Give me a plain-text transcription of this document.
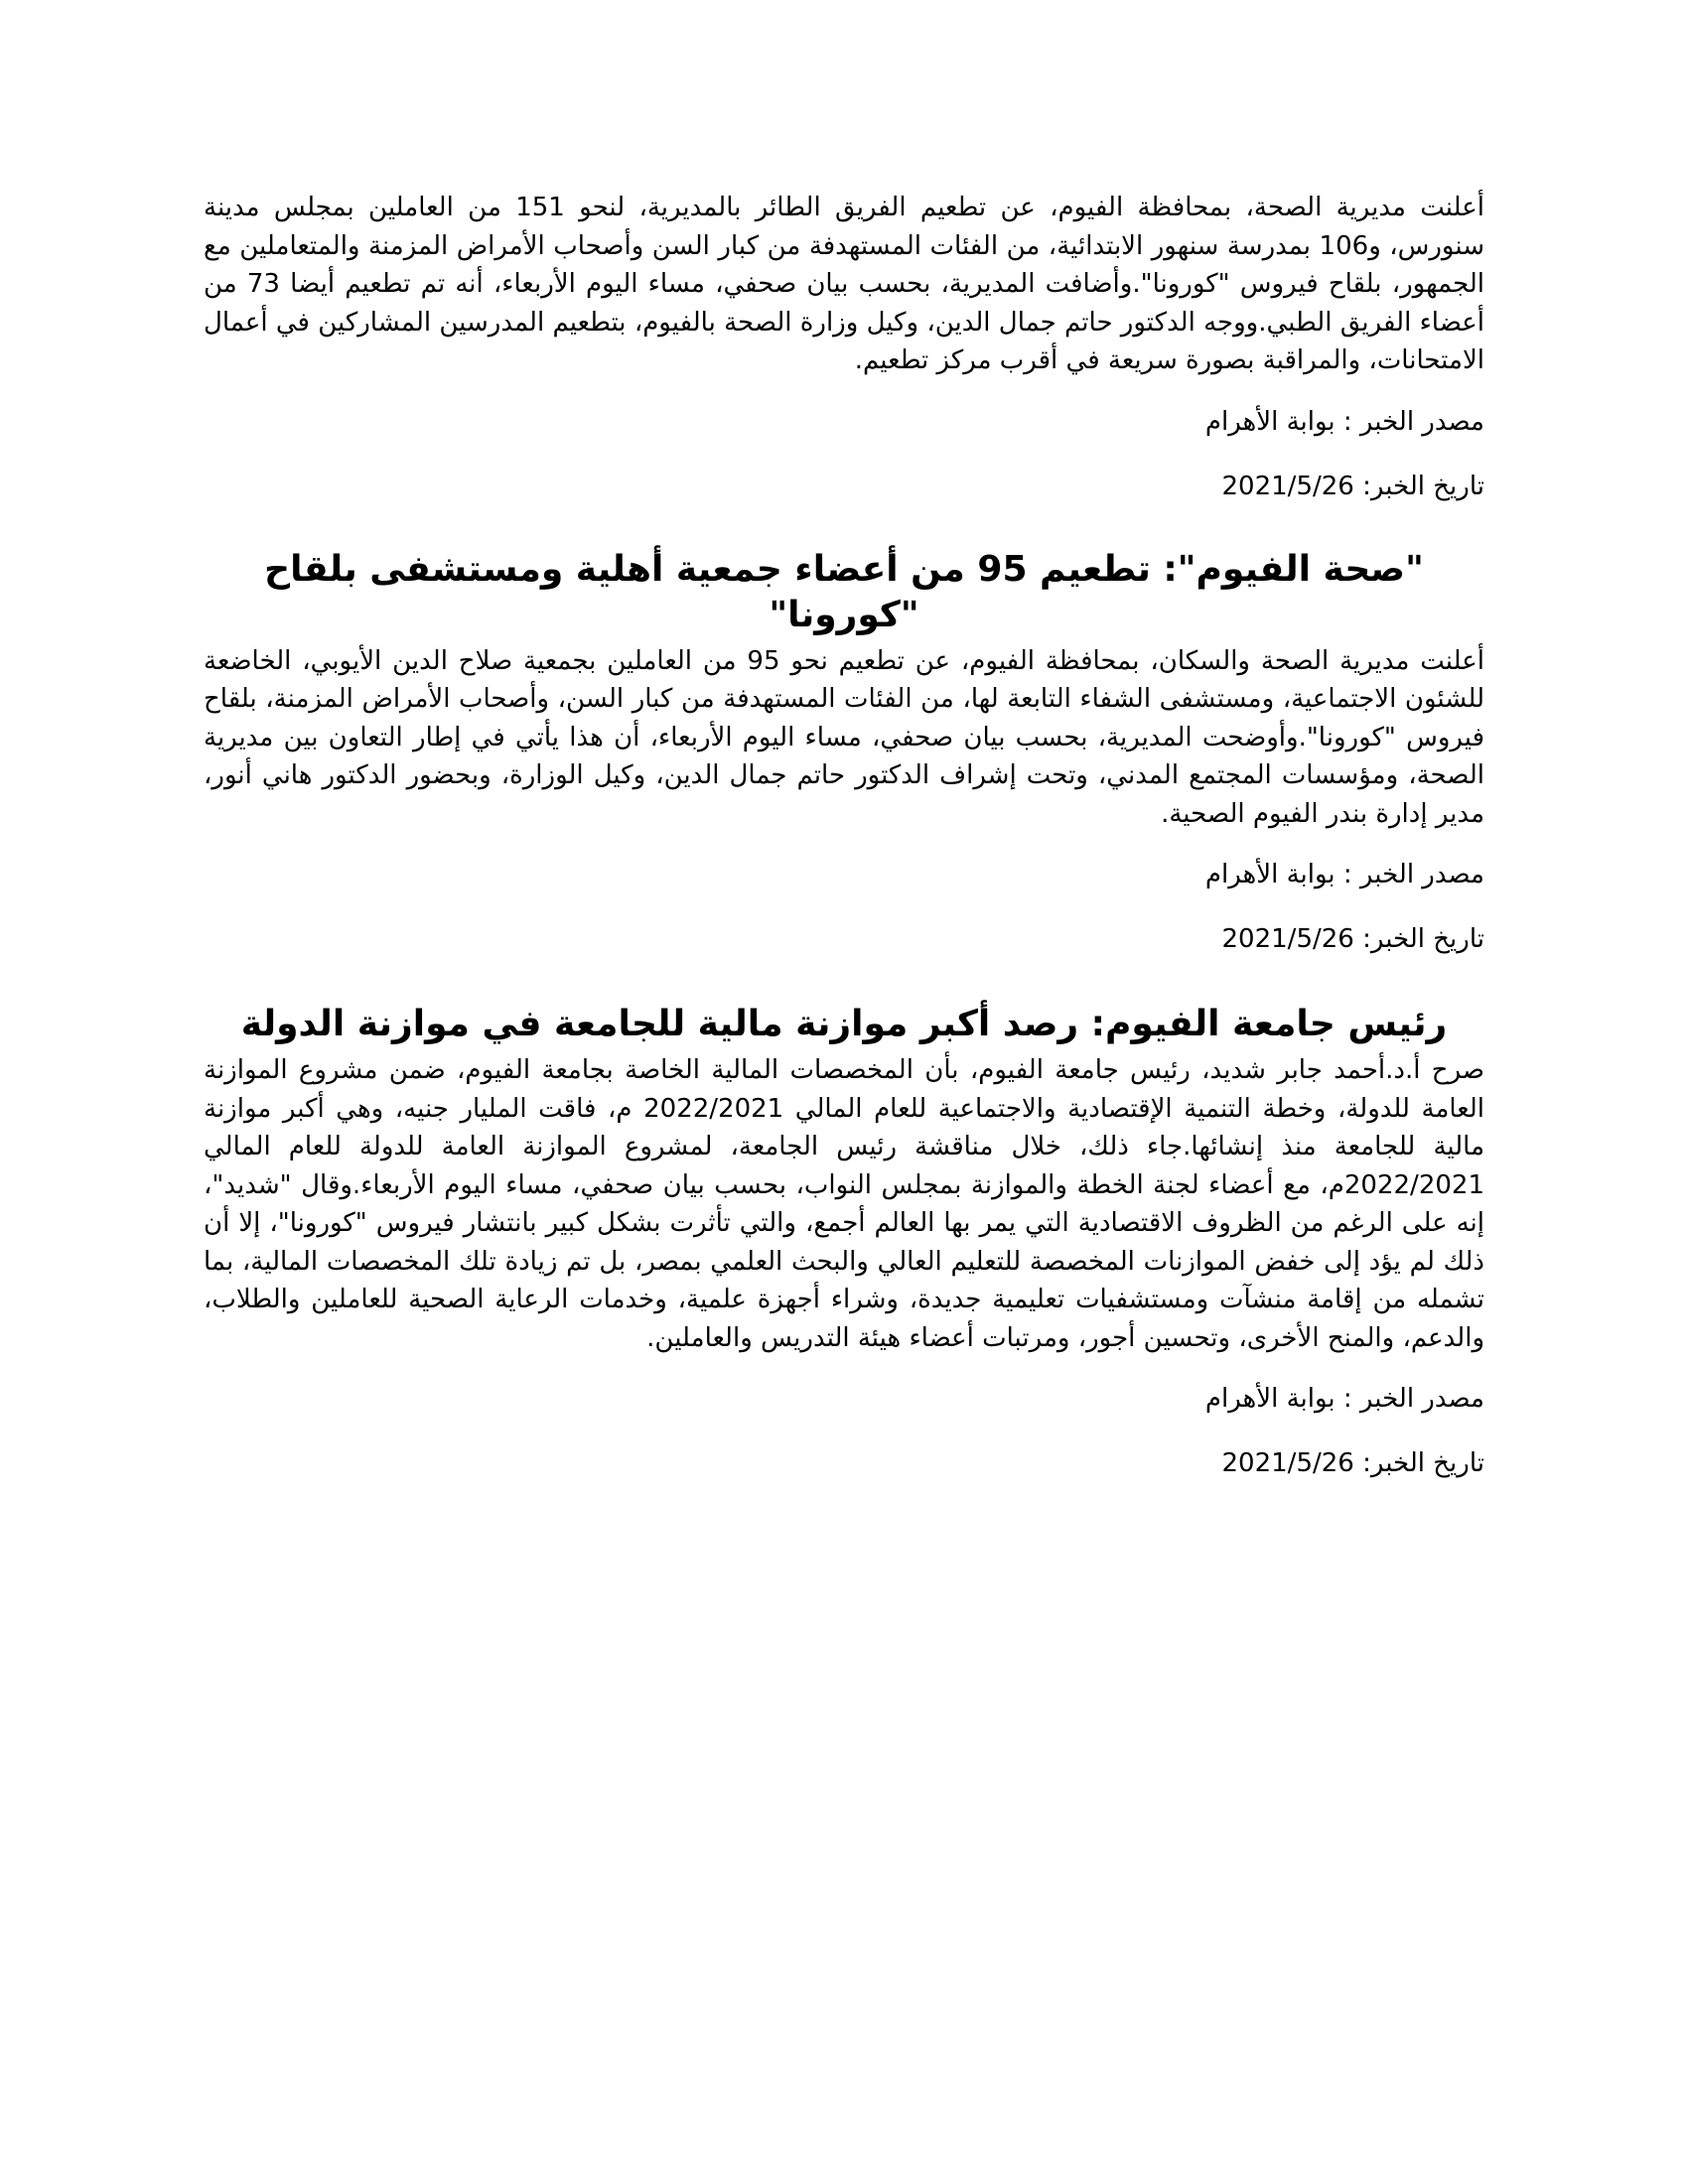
أعلنت مديرية الصحة، بمحافظة الفيوم، عن تطعيم الفريق الطائر بالمديرية، لنحو 151 من العاملين بمجلس مدينة سنورس، و106 بمدرسة سنهور الابتدائية، من الفئات المستهدفة من كبار السن وأصحاب الأمراض المزمنة والمتعاملين مع الجمهور، بلقاح فيروس "كورونا".وأضافت المديرية، بحسب بيان صحفي، مساء اليوم الأربعاء، أنه تم تطعيم أيضا 73 من أعضاء الفريق الطبي.ووجه الدكتور حاتم جمال الدين، وكيل وزارة الصحة بالفيوم، بتطعيم المدرسين المشاركين في أعمال الامتحانات، والمراقبة بصورة سريعة في أقرب مركز تطعيم.

مصدر الخبر : بوابة الأهرام

تاريخ الخبر: 2021/5/26

"صحة الفيوم": تطعيم 95 من أعضاء جمعية أهلية ومستشفى بلقاح "كورونا"

أعلنت مديرية الصحة والسكان، بمحافظة الفيوم، عن تطعيم نحو 95 من العاملين بجمعية صلاح الدين الأيوبي، الخاضعة للشئون الاجتماعية، ومستشفى الشفاء التابعة لها، من الفئات المستهدفة من كبار السن، وأصحاب الأمراض المزمنة، بلقاح فيروس "كورونا".وأوضحت المديرية، بحسب بيان صحفي، مساء اليوم الأربعاء، أن هذا يأتي في إطار التعاون بين مديرية الصحة، ومؤسسات المجتمع المدني، وتحت إشراف الدكتور حاتم جمال الدين، وكيل الوزارة، وبحضور الدكتور هاني أنور، مدير إدارة بندر الفيوم الصحية.

مصدر الخبر : بوابة الأهرام

تاريخ الخبر: 2021/5/26

رئيس جامعة الفيوم: رصد أكبر موازنة مالية للجامعة في موازنة الدولة

صرح أ.د.أحمد جابر شديد، رئيس جامعة الفيوم، بأن المخصصات المالية الخاصة بجامعة الفيوم، ضمن مشروع الموازنة العامة للدولة، وخطة التنمية الإقتصادية والاجتماعية للعام المالي 2022/2021 م، فاقت المليار جنيه، وهي أكبر موازنة مالية للجامعة منذ إنشائها.جاء ذلك، خلال مناقشة رئيس الجامعة، لمشروع الموازنة العامة للدولة للعام المالي 2022/2021م، مع أعضاء لجنة الخطة والموازنة بمجلس النواب، بحسب بيان صحفي، مساء اليوم الأربعاء.وقال "شديد"، إنه على الرغم من الظروف الاقتصادية التي يمر بها العالم أجمع، والتي تأثرت بشكل كبير بانتشار فيروس "كورونا"، إلا أن ذلك لم يؤد إلى خفض الموازنات المخصصة للتعليم العالي والبحث العلمي بمصر، بل تم زيادة تلك المخصصات المالية، بما تشمله من إقامة منشآت ومستشفيات تعليمية جديدة، وشراء أجهزة علمية، وخدمات الرعاية الصحية للعاملين والطلاب، والدعم، والمنح الأخرى، وتحسين أجور، ومرتبات أعضاء هيئة التدريس والعاملين.

مصدر الخبر : بوابة الأهرام

تاريخ الخبر: 2021/5/26
